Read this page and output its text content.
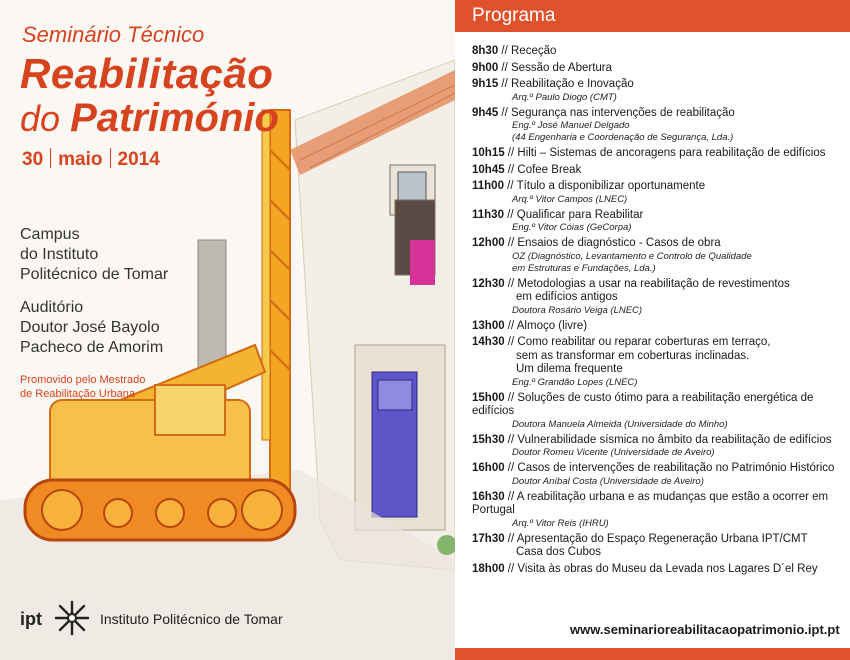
Seminário Técnico
Reabilitação
do Património
30 maio 2014
Campus
do Instituto
Politécnico de Tomar
Auditório
Doutor José Bayolo
Pacheco de Amorim
Promovido pelo Mestrado
de Reabilitação Urbana
ipt	Instituto Politécnico de Tomar
Programa
8h30 // Receção
9h00 // Sessão de Abertura
9h15 // Reabilitação e Inovação
Arq.º Paulo Diogo (CMT)
9h45 // Segurança nas intervenções de reabilitação
Eng.º José Manuel Delgado
(44 Engenharia e Coordenação de Segurança, Lda.)
10h15 // Hilti – Sistemas de ancoragens para reabilitação de edifícios
10h45 // Cofee Break
11h00 // Título a disponibilizar oportunamente
Arq.º Vitor Campos (LNEC)
11h30 // Qualificar para Reabilitar
Eng.º Vitor Cóias (GeCorpa)
12h00 // Ensaios de diagnóstico - Casos de obra
OZ (Diagnóstico, Levantamento e Controlo de Qualidade
em Estruturas e Fundações, Lda.)
12h30 // Metodologias a usar na reabilitação de revestimentos
em edifícios antigos
Doutora Rosário Veiga (LNEC)
13h00 // Almoço (livre)
14h30 // Como reabilitar ou reparar coberturas em terraço,
sem as transformar em coberturas inclinadas.
Um dilema frequente
Eng.º Grandão Lopes (LNEC)
15h00 // Soluções de custo ótimo para a reabilitação energética de edifícios
Doutora Manuela Almeida (Universidade do Minho)
15h30 // Vulnerabilidade sísmica no âmbito da reabilitação de edifícios
Doutor Romeu Vicente (Universidade de Aveiro)
16h00 // Casos de intervenções de reabilitação no Património Histórico
Doutor Aníbal Costa (Universidade de Aveiro)
16h30 // A reabilitação urbana e as mudanças que estão a ocorrer em Portugal
Arq.º Vitor Reis (IHRU)
17h30 // Apresentação do Espaço Regeneração Urbana IPT/CMT
Casa dos Cubos
18h00 // Visita às obras do Museu da Levada nos Lagares D´el Rey
www.seminarioreabilitacaopatrimonio.ipt.pt
